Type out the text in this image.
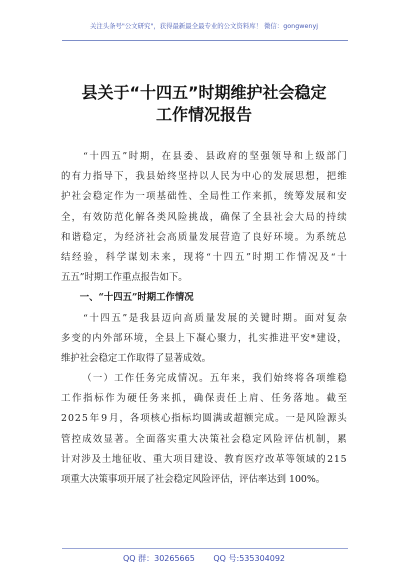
关注头条号"公文研究"，获得最新最全最专业的公文资料库！ 微信：gongwenyj
县关于“十四五”时期维护社会稳定
工作情况报告

“ 十 四 五 ” 时 期 ， 在 县 委 、 县 政 府 的 坚 强 领 导 和 上 级 部 门
的 有 力 指 导 下 ， 我 县 始 终 坚 持 以 人 民 为 中 心 的 发 展 思 想 ， 把 维
护 社 会 稳 定 作 为 一 项 基 础 性 、 全 局 性 工 作 来 抓 ， 统 筹 发 展 和 安
全 ， 有 效 防 范 化 解 各 类 风 险 挑 战 ， 确 保 了 全 县 社 会 大 局 的 持 续
和 谐 稳 定 ， 为 经 济 社 会 高 质 量 发 展 营 造 了 良 好 环 境 。 为 系 统 总
结 经 验 ， 科 学 谋 划 未 来 ， 现 将 “ 十 四 五 ” 时 期 工 作 情 况 及 “ 十
五五”时期工作重点报告如下。
　　一、“十四五”时期工作情况

“ 十 四 五 ” 是 我 县 迈 向 高 质 量 发 展 的 关 键 时 期 。 面 对 复 杂
多 变 的 内 外 部 环 境 ， 全 县 上 下 凝 心 聚 力 ， 扎 实 推 进 平 安 * 建 设 ，
维护社会稳定工作取得了显著成效。

（ 一 ） 工 作 任 务 完 成 情 况 。 五 年 来 ， 我 们 始 终 将 各 项 维 稳
工 作 指 标 作 为 硬 任 务 来 抓 ， 确 保 责 任 上 肩 、 任 务 落 地 。 截 至
2 0 2 5 年 9 月 ， 各 项 核 心 指 标 均 圆 满 或 超 额 完 成 。 一 是 风 险 源 头
管 控 成 效 显 著 。 全 面 落 实 重 大 决 策 社 会 稳 定 风 险 评 估 机 制 ， 累
计 对 涉 及 土 地 征 收 、 重 大 项 目 建 设 、 教 育 医 疗 改 革 等 领 域 的 2 1 5
项重大决策事项开展了社会稳定风险评估，评估率达到 100%。
QQ 群：30265665 QQ 号:535304092
